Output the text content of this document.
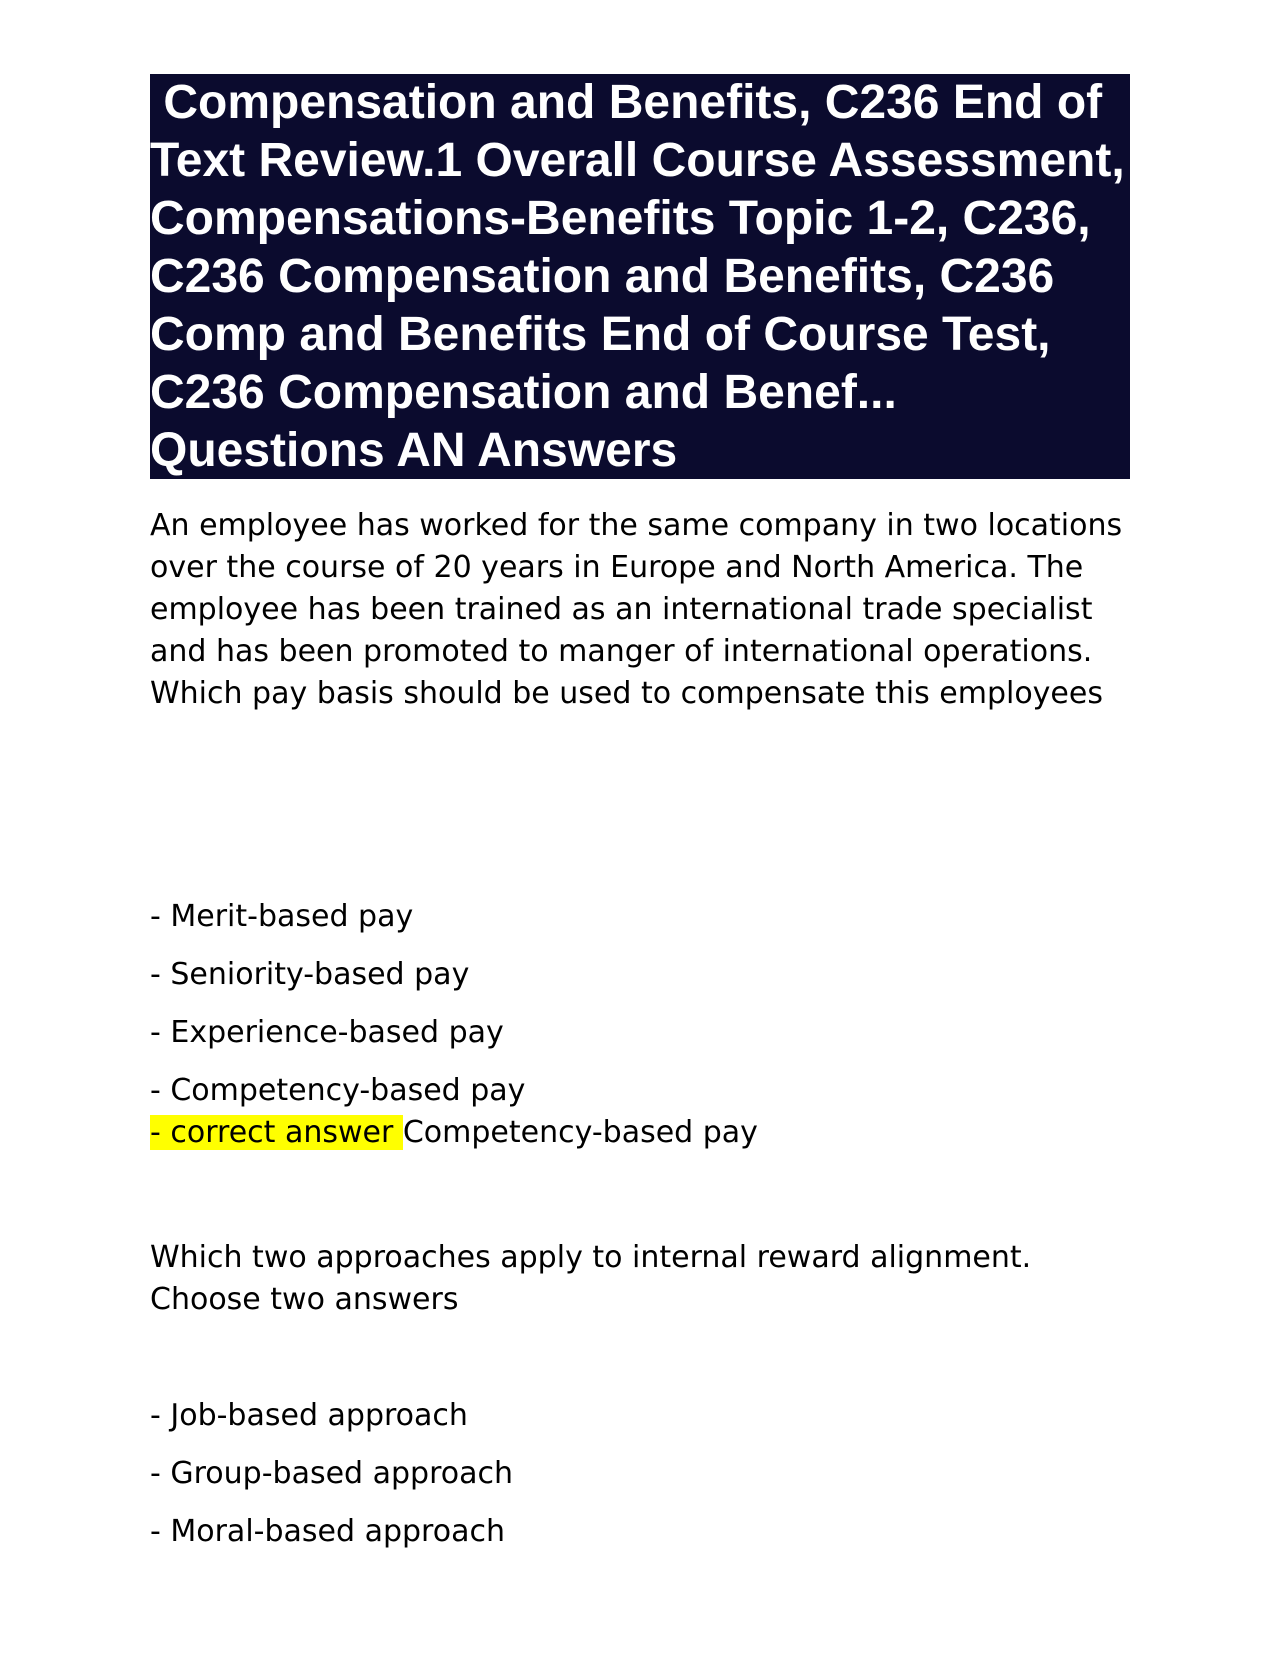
Compensation and Benefits, C236 End of Text Review.1 Overall Course Assessment, Compensations-Benefits Topic 1-2, C236, C236 Compensation and Benefits, C236 Comp and Benefits End of Course Test, C236 Compensation and Benef... Questions AN Answers

An employee has worked for the same company in two locations over the course of 20 years in Europe and North America. The employee has been trained as an international trade specialist and has been promoted to manger of international operations. Which pay basis should be used to compensate this employees

- Merit-based pay
- Seniority-based pay
- Experience-based pay
- Competency-based pay

- correct answer Competency-based pay

Which two approaches apply to internal reward alignment. Choose two answers

- Job-based approach
- Group-based approach
- Moral-based approach
